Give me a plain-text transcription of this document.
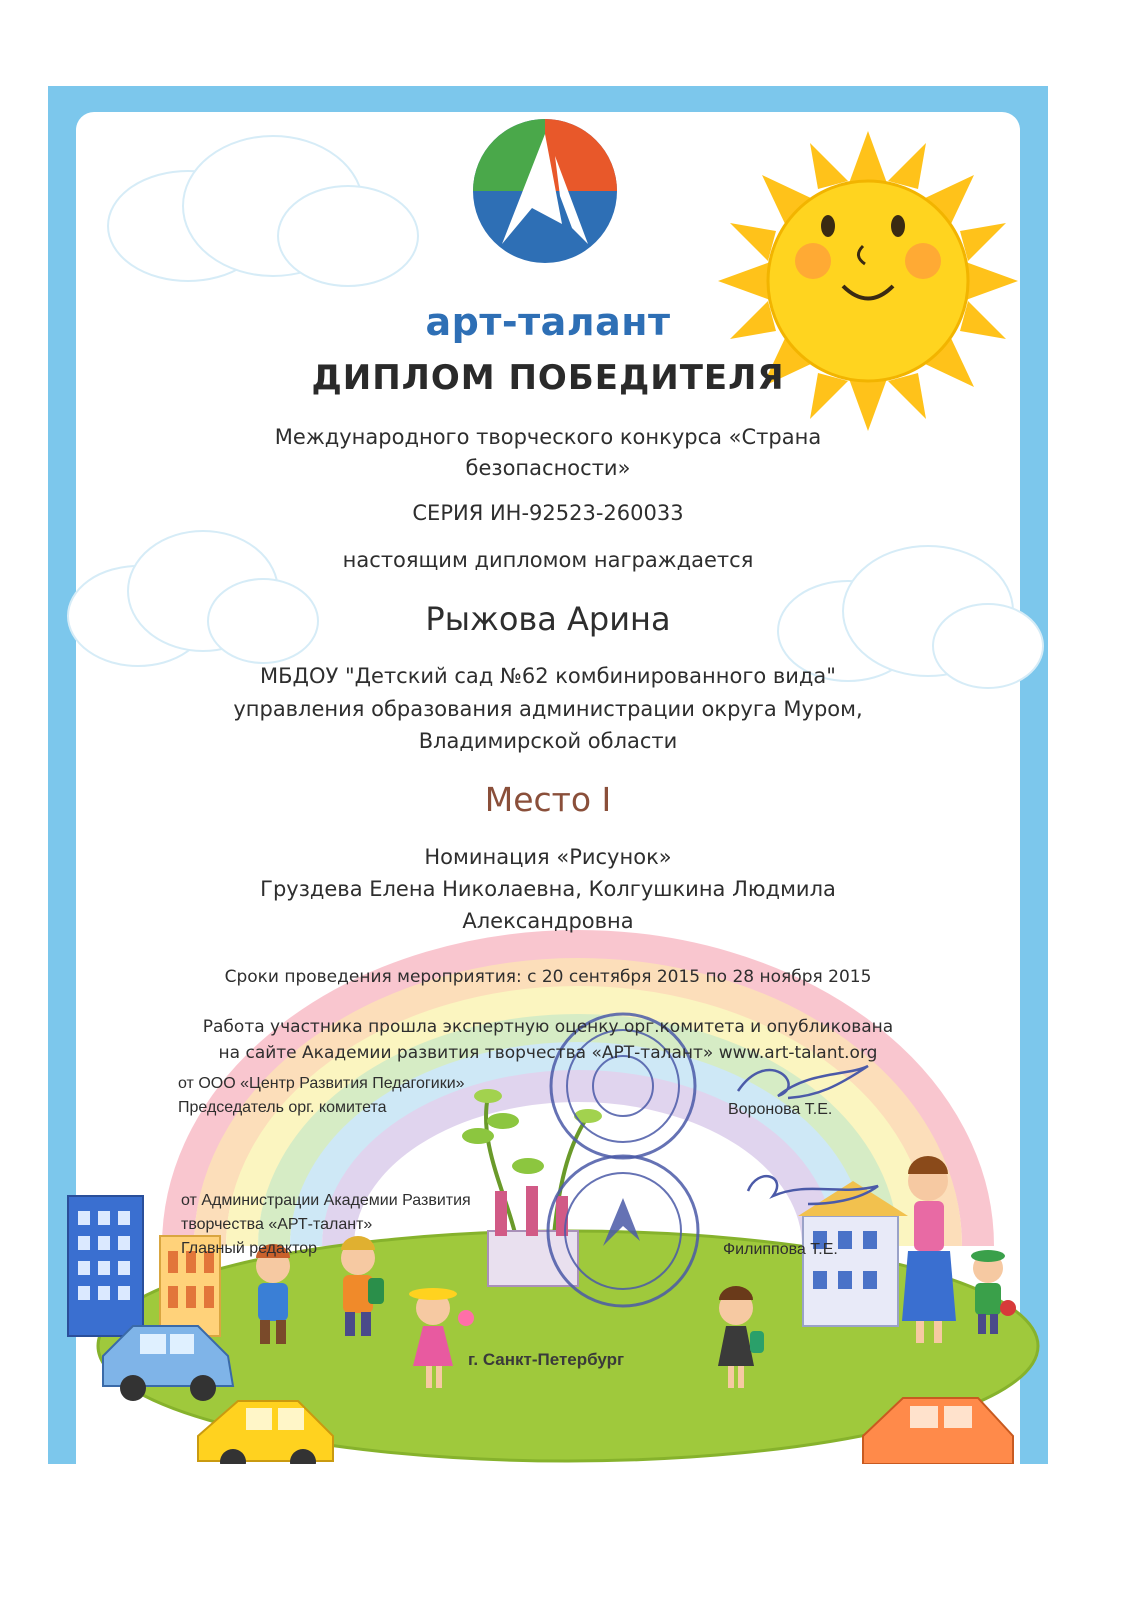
арт-талант
ДИПЛОМ ПОБЕДИТЕЛЯ
Международного творческого конкурса «Страна
безопасности»
СЕРИЯ ИН-92523-260033
настоящим дипломом награждается
Рыжова Арина
МБДОУ "Детский сад №62 комбинированного вида"
управления образования администрации округа Муром,
Владимирской области
Место I
Номинация «Рисунок»
Груздева Елена Николаевна, Колгушкина Людмила
Александровна
Сроки проведения мероприятия: с 20 сентября 2015 по 28 ноября 2015
Работа участника прошла экспертную оценку орг.комитета и опубликована
на сайте Академии развития творчества «АРТ-талант» www.art-talant.org
от ООО «Центр Развития Педагогики»
Председатель орг. комитета	Воронова Т.Е.
от Администрации Академии Развития
творчества «АРТ-талант»
Главный редактор	Филиппова Т.Е.
г. Санкт-Петербург
